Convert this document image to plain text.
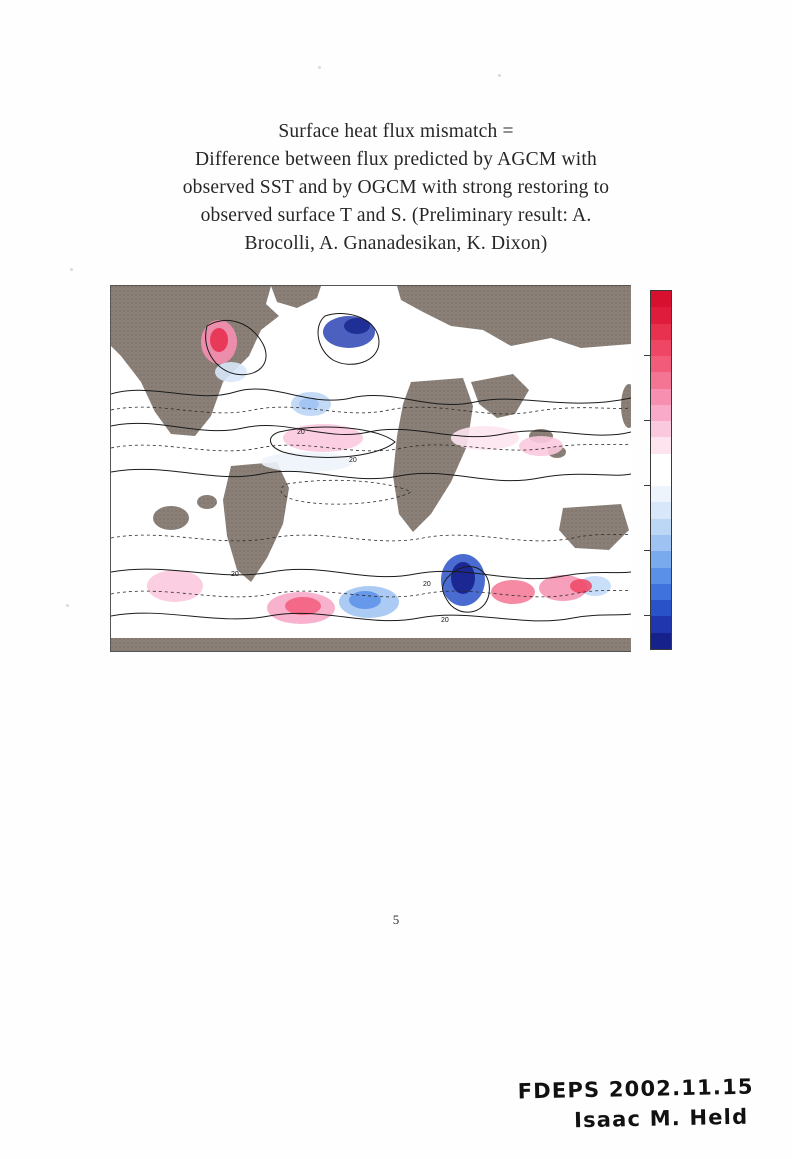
Surface heat flux mismatch =
Difference between flux predicted by AGCM with
observed SST and by OGCM with strong restoring to
observed surface T and S. (Preliminary result: A.
Brocolli, A. Gnanadesikan, K. Dixon)
20
20
20
20
20
5
FDEPS 2002.11.15
Isaac M. Held
